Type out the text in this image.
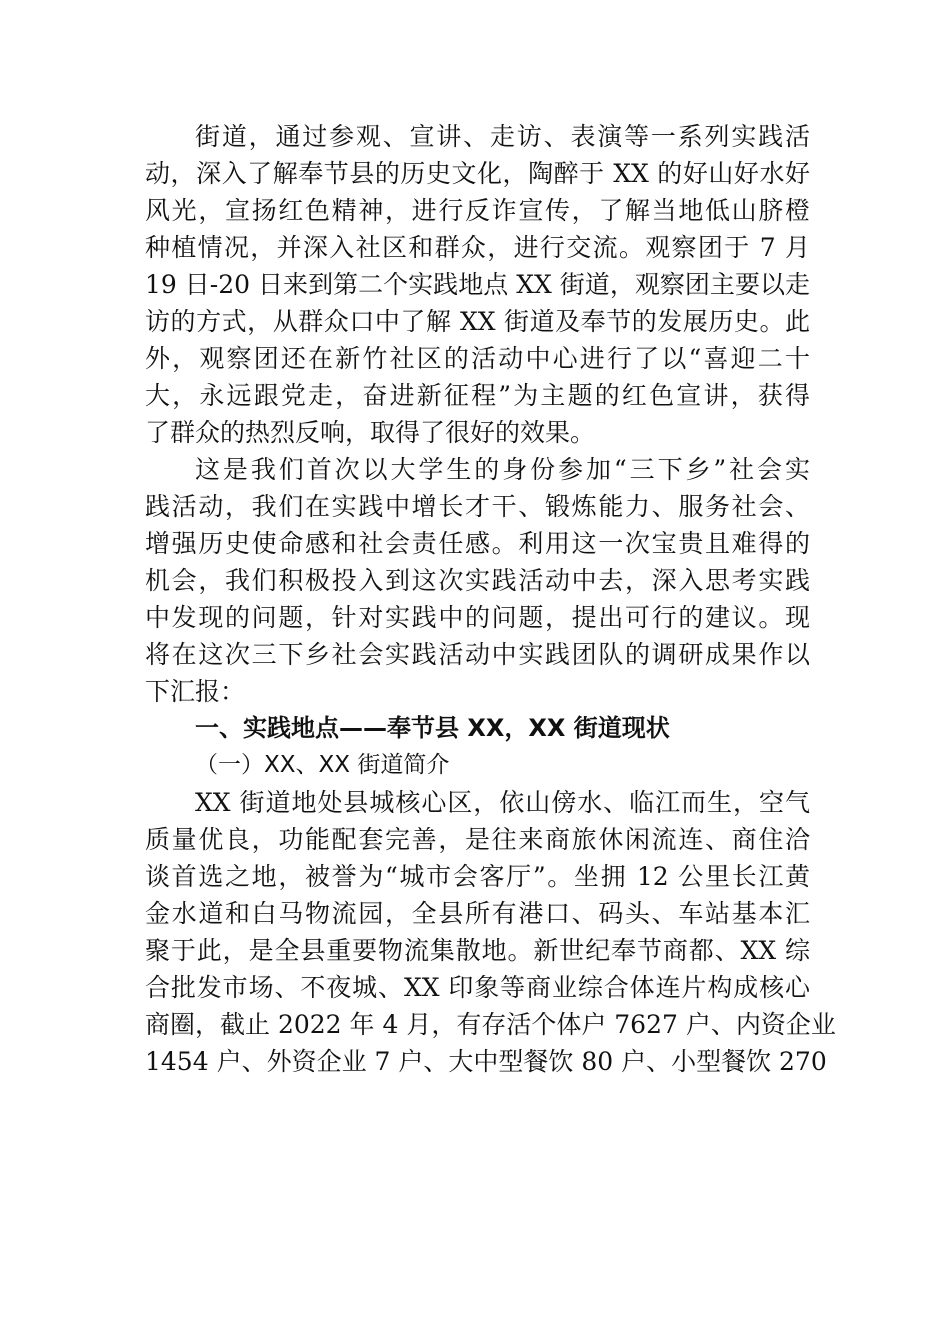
街道，通过参观、宣讲、走访、表演等一系列实践活
动，深入了解奉节县的历史文化，陶醉于 XX 的好山好水好
风光，宣扬红色精神，进行反诈宣传，了解当地低山脐橙
种植情况，并深入社区和群众，进行交流。观察团于 7 月
19 日-20 日来到第二个实践地点 XX 街道，观察团主要以走
访的方式，从群众口中了解 XX 街道及奉节的发展历史。此
外，观察团还在新竹社区的活动中心进行了以“喜迎二十
大，永远跟党走，奋进新征程”为主题的红色宣讲，获得
了群众的热烈反响，取得了很好的效果。
这是我们首次以大学生的身份参加“三下乡”社会实
践活动，我们在实践中增长才干、锻炼能力、服务社会、
增强历史使命感和社会责任感。利用这一次宝贵且难得的
机会，我们积极投入到这次实践活动中去，深入思考实践
中发现的问题，针对实践中的问题，提出可行的建议。现
将在这次三下乡社会实践活动中实践团队的调研成果作以
下汇报：
一、实践地点——奉节县 XX，XX 街道现状
（一）XX、XX 街道简介
XX 街道地处县城核心区，依山傍水、临江而生，空气
质量优良，功能配套完善，是往来商旅休闲流连、商住洽
谈首选之地，被誉为“城市会客厅”。坐拥 12 公里长江黄
金水道和白马物流园，全县所有港口、码头、车站基本汇
聚于此，是全县重要物流集散地。新世纪奉节商都、XX 综
合批发市场、不夜城、XX 印象等商业综合体连片构成核心
商圈，截止 2022 年 4 月，有存活个体户 7627 户、内资企业
1454 户、外资企业 7 户、大中型餐饮 80 户、小型餐饮 270
